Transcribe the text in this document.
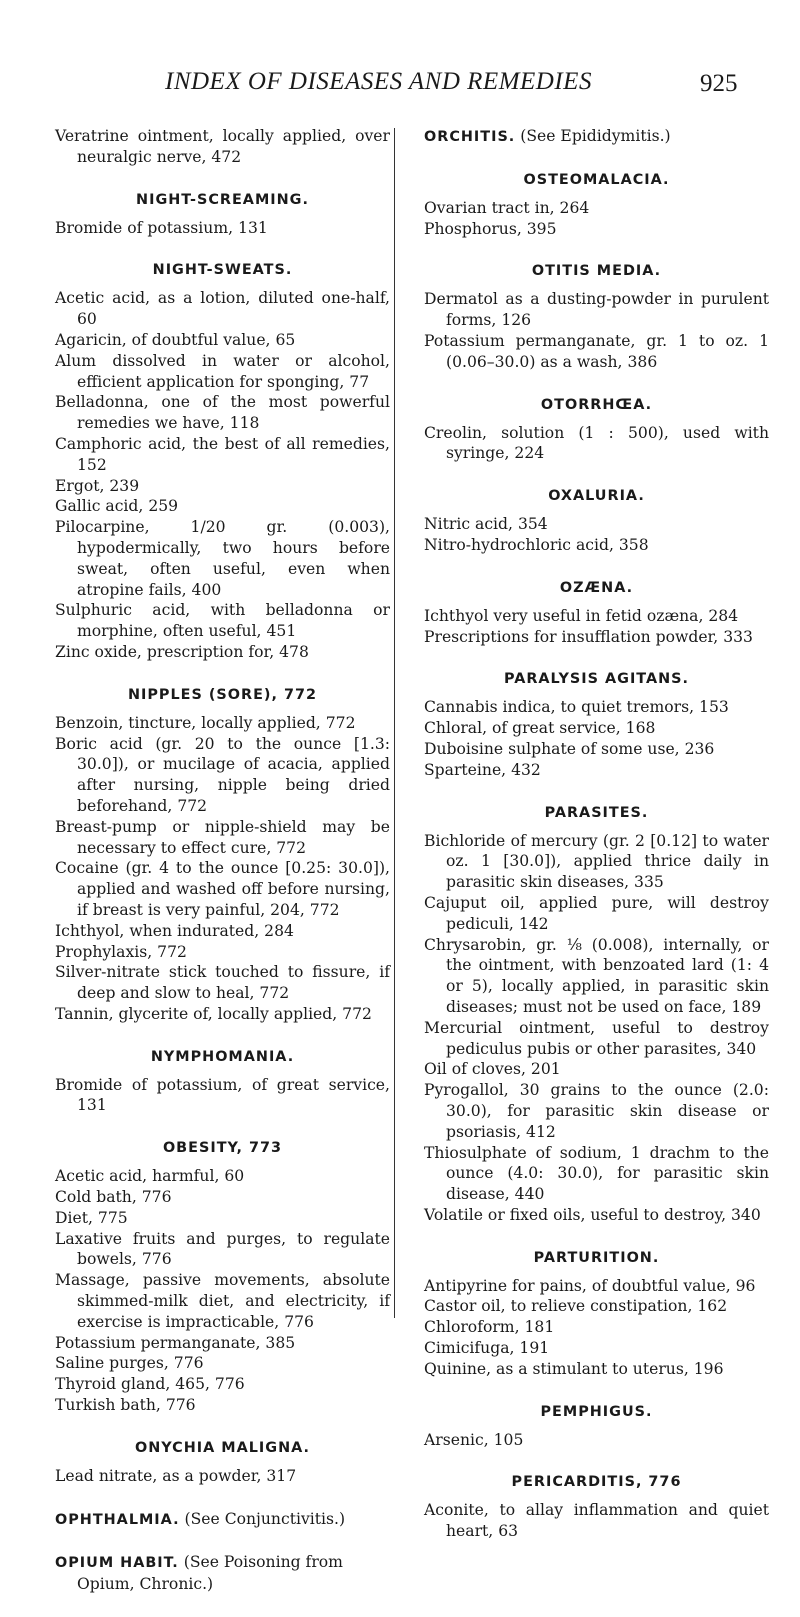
INDEX OF DISEASES AND REMEDIES	925

Veratrine ointment, locally applied, over neuralgic nerve, 472

NIGHT-SCREAMING.

Bromide of potassium, 131

NIGHT-SWEATS.

Acetic acid, as a lotion, diluted one-half, 60

Agaricin, of doubtful value, 65

Alum dissolved in water or alcohol, efficient application for sponging, 77

Belladonna, one of the most powerful remedies we have, 118

Camphoric acid, the best of all remedies, 152

Ergot, 239

Gallic acid, 259

Pilocarpine, 1/20 gr. (0.003), hypodermically, two hours before sweat, often useful, even when atropine fails, 400

Sulphuric acid, with belladonna or morphine, often useful, 451

Zinc oxide, prescription for, 478

NIPPLES (SORE), 772

Benzoin, tincture, locally applied, 772

Boric acid (gr. 20 to the ounce [1.3: 30.0]), or mucilage of acacia, applied after nursing, nipple being dried beforehand, 772

Breast-pump or nipple-shield may be necessary to effect cure, 772

Cocaine (gr. 4 to the ounce [0.25: 30.0]), applied and washed off before nursing, if breast is very painful, 204, 772

Ichthyol, when indurated, 284

Prophylaxis, 772

Silver-nitrate stick touched to fissure, if deep and slow to heal, 772

Tannin, glycerite of, locally applied, 772

NYMPHOMANIA.

Bromide of potassium, of great service, 131

OBESITY, 773

Acetic acid, harmful, 60

Cold bath, 776

Diet, 775

Laxative fruits and purges, to regulate bowels, 776

Massage, passive movements, absolute skimmed-milk diet, and electricity, if exercise is impracticable, 776

Potassium permanganate, 385

Saline purges, 776

Thyroid gland, 465, 776

Turkish bath, 776

ONYCHIA MALIGNA.

Lead nitrate, as a powder, 317

OPHTHALMIA. (See Conjunctivitis.)

OPIUM HABIT. (See Poisoning from Opium, Chronic.)

ORCHITIS. (See Epididymitis.)

OSTEOMALACIA.

Ovarian tract in, 264

Phosphorus, 395

OTITIS MEDIA.

Dermatol as a dusting-powder in purulent forms, 126

Potassium permanganate, gr. 1 to oz. 1 (0.06–30.0) as a wash, 386

OTORRHŒA.

Creolin, solution (1 : 500), used with syringe, 224

OXALURIA.

Nitric acid, 354

Nitro-hydrochloric acid, 358

OZÆNA.

Ichthyol very useful in fetid ozæna, 284

Prescriptions for insufflation powder, 333

PARALYSIS AGITANS.

Cannabis indica, to quiet tremors, 153

Chloral, of great service, 168

Duboisine sulphate of some use, 236

Sparteine, 432

PARASITES.

Bichloride of mercury (gr. 2 [0.12] to water oz. 1 [30.0]), applied thrice daily in parasitic skin diseases, 335

Cajuput oil, applied pure, will destroy pediculi, 142

Chrysarobin, gr. ⅛ (0.008), internally, or the ointment, with benzoated lard (1: 4 or 5), locally applied, in parasitic skin diseases; must not be used on face, 189

Mercurial ointment, useful to destroy pediculus pubis or other parasites, 340

Oil of cloves, 201

Pyrogallol, 30 grains to the ounce (2.0: 30.0), for parasitic skin disease or psoriasis, 412

Thiosulphate of sodium, 1 drachm to the ounce (4.0: 30.0), for parasitic skin disease, 440

Volatile or fixed oils, useful to destroy, 340

PARTURITION.

Antipyrine for pains, of doubtful value, 96

Castor oil, to relieve constipation, 162

Chloroform, 181

Cimicifuga, 191

Quinine, as a stimulant to uterus, 196

PEMPHIGUS.

Arsenic, 105

PERICARDITIS, 776

Aconite, to allay inflammation and quiet heart, 63
